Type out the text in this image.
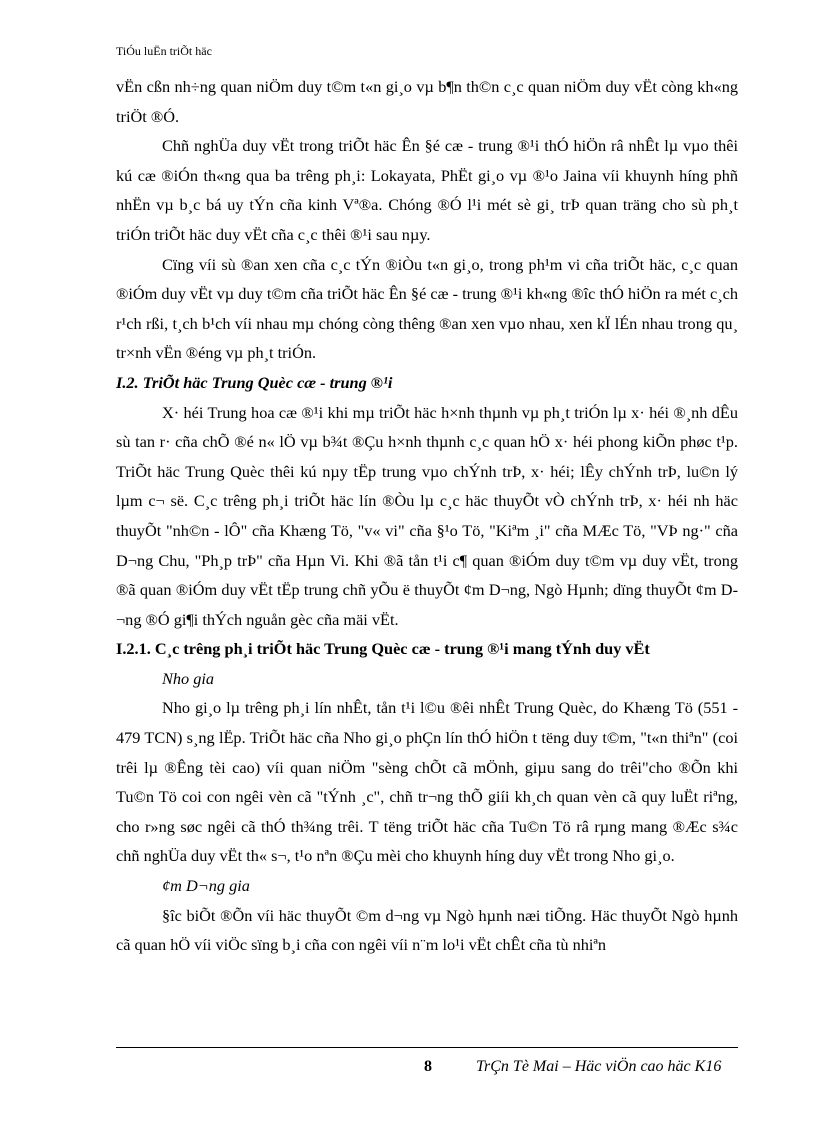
TiÓu luËn triÕt häc

vËn cßn nh÷ng quan niÖm duy t©m t«n gi¸o vµ b¶n th©n c¸c quan niÖm duy vËt còng kh«ng triÖt ®Ó.

Chñ nghÜa duy vËt trong triÕt häc Ên §é cæ - trung ®¹i thÓ hiÖn râ nhÊt lµ vµo thêi kú cæ ®iÓn th«ng qua ba trêng ph¸i: Lokayata, PhËt gi¸o vµ ®¹o Jaina víi khuynh híng phñ nhËn vµ b¸c bá uy tÝn cña kinh Vª®a. Chóng ®Ó l¹i mét sè gi¸ trÞ quan träng cho sù ph¸t triÓn triÕt häc duy vËt cña c¸c thêi ®¹i sau nµy.

Cïng víi sù ®an xen cña c¸c tÝn ®iÒu t«n gi¸o, trong ph¹m vi cña triÕt häc, c¸c quan ®iÓm duy vËt vµ duy t©m cña triÕt häc Ên §é cæ - trung ®¹i kh«ng ®îc thÓ hiÖn ra mét c¸ch r¹ch rßi, t¸ch b¹ch víi nhau mµ chóng còng thêng ®an xen vµo nhau, xen kÏ lÉn nhau trong qu¸ tr×nh vËn ®éng vµ ph¸t triÓn.

I.2. TriÕt häc Trung Quèc cæ - trung ®¹i

X· héi Trung hoa cæ ®¹i khi mµ triÕt häc h×nh thµnh vµ ph¸t triÓn lµ x· héi ®¸nh dÊu sù tan r· cña chÕ ®é n« lÖ vµ b¾t ®Çu h×nh thµnh c¸c quan hÖ x· héi phong kiÕn phøc t¹p. TriÕt häc Trung Quèc thêi kú nµy tËp trung vµo chÝnh trÞ, x· héi; lÊy chÝnh trÞ, lu©n lý lµm c¬ së. C¸c trêng ph¸i triÕt häc lín ®Òu lµ c¸c häc thuyÕt vÒ chÝnh trÞ, x· héi nh häc thuyÕt "nh©n - lÔ" cña Khæng Tö, "v« vi" cña §¹o Tö, "Kiªm ¸i" cña MÆc Tö, "VÞ ng·" cña D¬ng Chu, "Ph¸p trÞ" cña Hµn Vi. Khi ®ã tån t¹i c¶ quan ®iÓm duy t©m vµ duy vËt, trong ®ã quan ®iÓm duy vËt tËp trung chñ yÕu ë thuyÕt ¢m D¬ng, Ngò Hµnh; dïng thuyÕt ¢m D¬ng ®Ó gi¶i thÝch nguån gèc cña mäi vËt.

I.2.1. C¸c trêng ph¸i triÕt häc Trung Quèc cæ - trung ®¹i mang tÝnh duy vËt

Nho gia

Nho gi¸o lµ trêng ph¸i lín nhÊt, tån t¹i l©u ®êi nhÊt Trung Quèc, do Khæng Tö (551 - 479 TCN) s¸ng lËp. TriÕt häc cña Nho gi¸o phÇn lín thÓ hiÖn t tëng duy t©m, "t«n thiªn" (coi trêi lµ ®Êng tèi cao) víi quan niÖm "sèng chÕt cã mÖnh, giµu sang do trêi"cho ®Õn khi Tu©n Tö coi con ngêi vèn cã "tÝnh ¸c", chñ tr¬ng thÕ giíi kh¸ch quan vèn cã quy luËt riªng, cho r»ng søc ngêi cã thÓ th¾ng trêi. T tëng triÕt häc cña Tu©n Tö râ rµng mang ®Æc s¾c chñ nghÜa duy vËt th« s¬, t¹o nªn ®Çu mèi cho khuynh híng duy vËt trong Nho gi¸o.

¢m D¬ng gia

§îc biÕt ®Õn víi häc thuyÕt ©m d¬ng vµ Ngò hµnh næi tiÕng. Häc thuyÕt Ngò hµnh cã quan hÖ víi viÖc sïng b¸i cña con ngêi víi n¨m lo¹i vËt chÊt cña tù nhiªn

8	TrÇn Tè Mai – Häc viÖn cao häc K16
